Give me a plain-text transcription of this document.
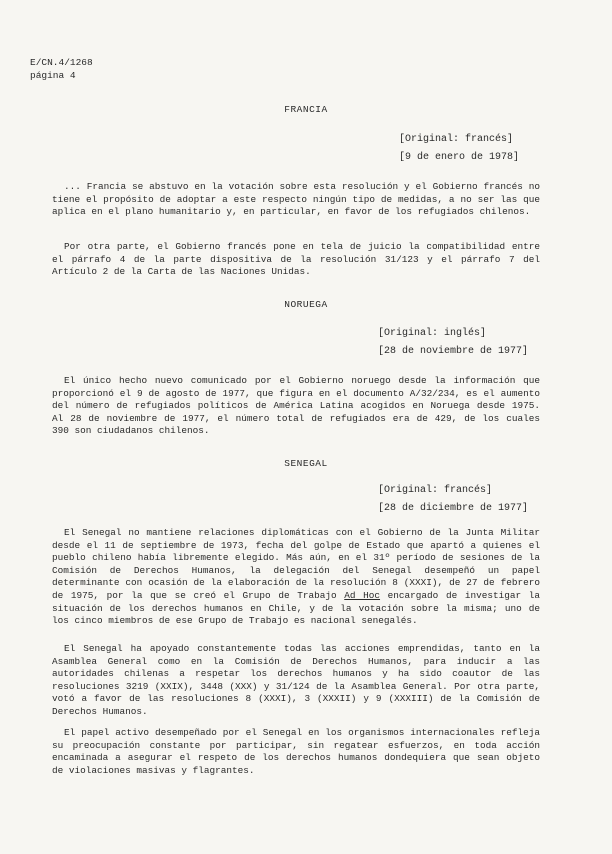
E/CN.4/1268
página 4
FRANCIA
[Original: francés]
[9 de enero de 1978]
... Francia se abstuvo en la votación sobre esta resolución y el Gobierno francés no tiene el propósito de adoptar a este respecto ningún tipo de medidas, a no ser las que aplica en el plano humanitario y, en particular, en favor de los refugiados chilenos.
Por otra parte, el Gobierno francés pone en tela de juicio la compatibilidad entre el párrafo 4 de la parte dispositiva de la resolución 31/123 y el párrafo 7 del Artículo 2 de la Carta de las Naciones Unidas.
NORUEGA
[Original: inglés]
[28 de noviembre de 1977]
El único hecho nuevo comunicado por el Gobierno noruego desde la información que proporcionó el 9 de agosto de 1977, que figura en el documento A/32/234, es el aumento del número de refugiados políticos de América Latina acogidos en Noruega desde 1975. Al 28 de noviembre de 1977, el número total de refugiados era de 429, de los cuales 390 son ciudadanos chilenos.
SENEGAL
[Original: francés]
[28 de diciembre de 1977]
El Senegal no mantiene relaciones diplomáticas con el Gobierno de la Junta Militar desde el 11 de septiembre de 1973, fecha del golpe de Estado que apartó a quienes el pueblo chileno había libremente elegido. Más aún, en el 31º período de sesiones de la Comisión de Derechos Humanos, la delegación del Senegal desempeñó un papel determinante con ocasión de la elaboración de la resolución 8 (XXXI), de 27 de febrero de 1975, por la que se creó el Grupo de Trabajo Ad Hoc encargado de investigar la situación de los derechos humanos en Chile, y de la votación sobre la misma; uno de los cinco miembros de ese Grupo de Trabajo es nacional senegalés.
El Senegal ha apoyado constantemente todas las acciones emprendidas, tanto en la Asamblea General como en la Comisión de Derechos Humanos, para inducir a las autoridades chilenas a respetar los derechos humanos y ha sido coautor de las resoluciones 3219 (XXIX), 3448 (XXX) y 31/124 de la Asamblea General. Por otra parte, votó a favor de las resoluciones 8 (XXXI), 3 (XXXII) y 9 (XXXIII) de la Comisión de Derechos Humanos.
El papel activo desempeñado por el Senegal en los organismos internacionales refleja su preocupación constante por participar, sin regatear esfuerzos, en toda acción encaminada a asegurar el respeto de los derechos humanos dondequiera que sean objeto de violaciones masivas y flagrantes.
